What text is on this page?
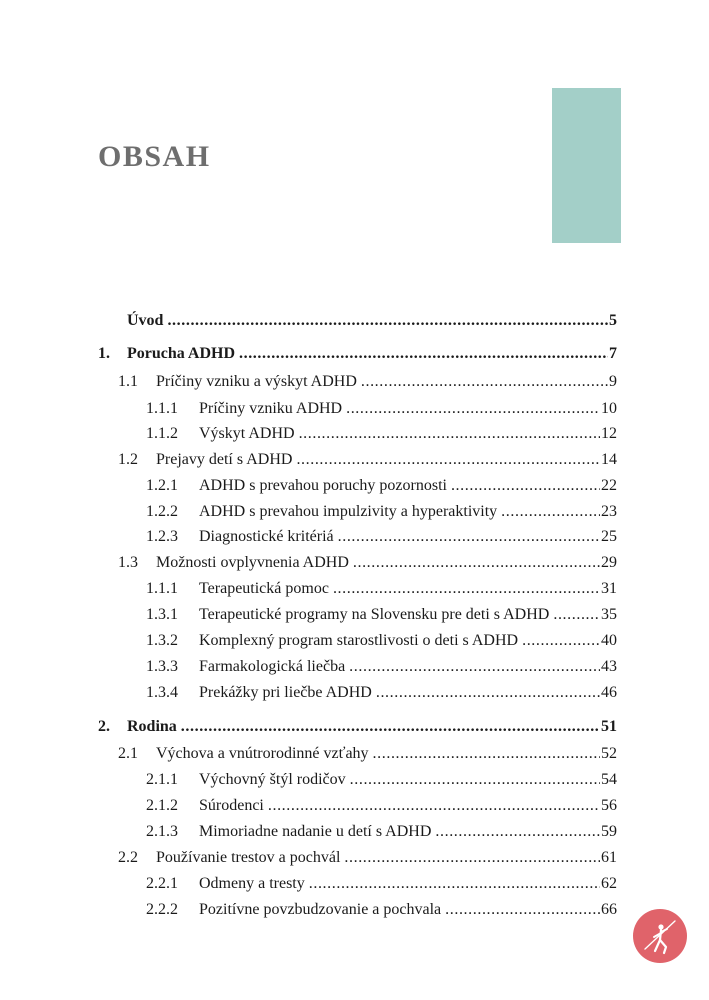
OBSAH
Úvod .....	5
1.	Porucha ADHD .....	7
1.1	Príčiny vzniku a výskyt ADHD .....	9
1.1.1	Príčiny vzniku ADHD .....	10
1.1.2	Výskyt ADHD .....	12
1.2	Prejavy detí s ADHD .....	14
1.2.1	ADHD s prevahou poruchy pozornosti .....	22
1.2.2	ADHD s prevahou impulzivity a hyperaktivity .....	23
1.2.3	Diagnostické kritériá .....	25
1.3	Možnosti ovplyvnenia ADHD .....	29
1.1.1	Terapeutická pomoc .....	31
1.3.1	Terapeutické programy na Slovensku pre deti s ADHD .....	35
1.3.2	Komplexný program starostlivosti o deti s ADHD .....	40
1.3.3	Farmakologická liečba .....	43
1.3.4	Prekážky pri liečbe ADHD .....	46
2.	Rodina .....	51
2.1	Výchova a vnútrorodinné vzťahy .....	52
2.1.1	Výchovný štýl rodičov .....	54
2.1.2	Súrodenci .....	56
2.1.3	Mimoriadne nadanie u detí s ADHD .....	59
2.2	Používanie trestov a pochvál .....	61
2.2.1	Odmeny a tresty .....	62
2.2.2	Pozitívne povzbudzovanie a pochvala .....	66
